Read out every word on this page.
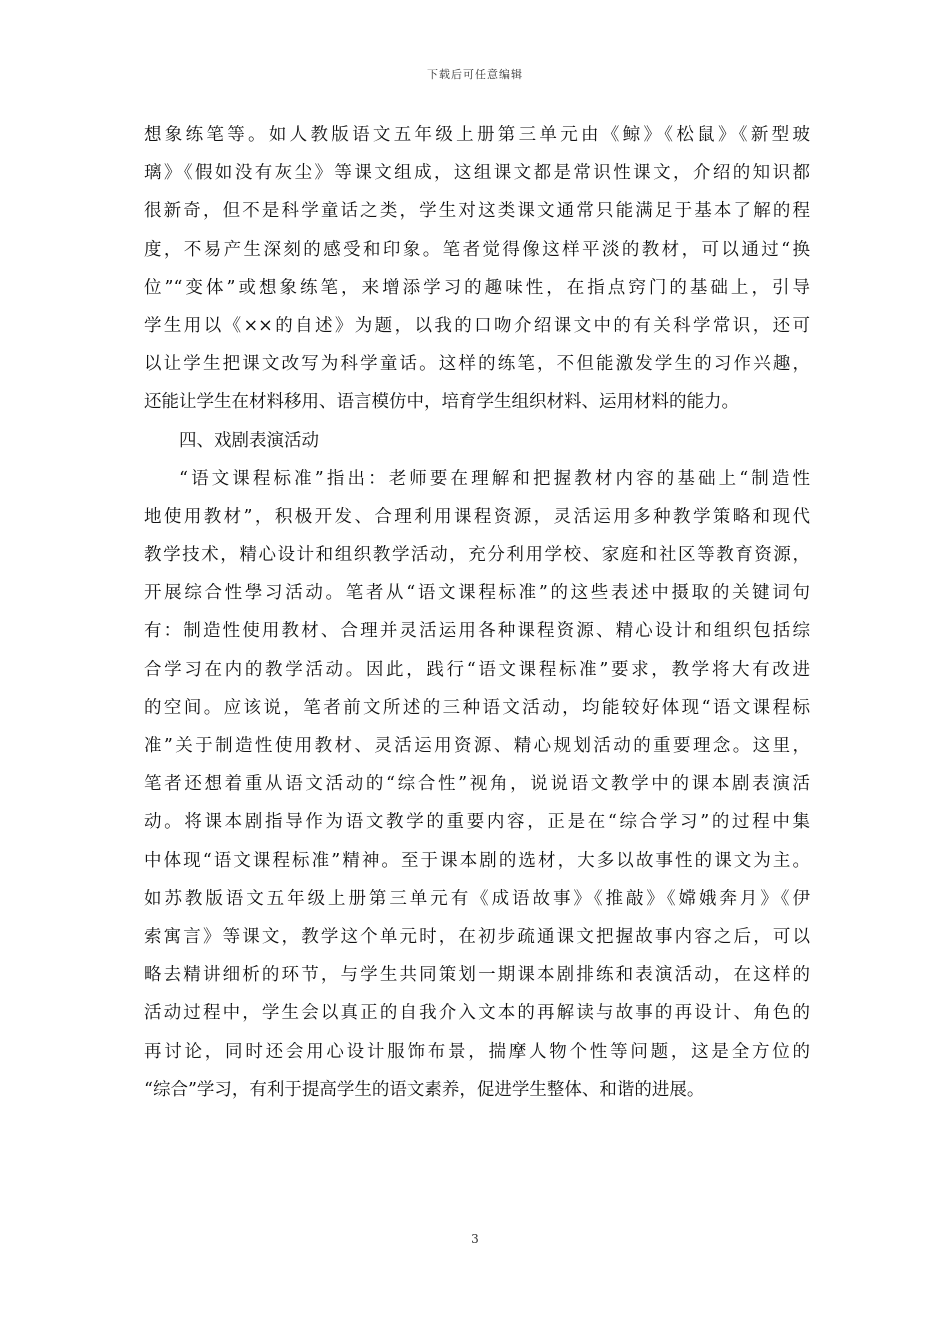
下载后可任意编辑
想象练笔等。如人教版语文五年级上册第三单元由《鲸》《松鼠》《新型玻
璃》《假如没有灰尘》等课文组成，这组课文都是常识性课文，介绍的知识都
很新奇，但不是科学童话之类，学生对这类课文通常只能满足于基本了解的程
度，不易产生深刻的感受和印象。笔者觉得像这样平淡的教材，可以通过“换
位”“变体”或想象练笔，来增添学习的趣味性，在指点窍门的基础上，引导
学生用以《××的自述》为题，以我的口吻介绍课文中的有关科学常识，还可
以让学生把课文改写为科学童话。这样的练笔，不但能激发学生的习作兴趣，
还能让学生在材料移用、语言模仿中，培育学生组织材料、运用材料的能力。
四、戏剧表演活动
“语文课程标准”指出：老师要在理解和把握教材内容的基础上“制造性
地使用教材”，积极开发、合理利用课程资源，灵活运用多种教学策略和现代
教学技术，精心设计和组织教学活动，充分利用学校、家庭和社区等教育资源，
开展综合性學习活动。笔者从“语文课程标准”的这些表述中摄取的关键词句
有：制造性使用教材、合理并灵活运用各种课程资源、精心设计和组织包括综
合学习在内的教学活动。因此，践行“语文课程标准”要求，教学将大有改进
的空间。应该说，笔者前文所述的三种语文活动，均能较好体现“语文课程标
准”关于制造性使用教材、灵活运用资源、精心规划活动的重要理念。这里，
笔者还想着重从语文活动的“综合性”视角，说说语文教学中的课本剧表演活
动。将课本剧指导作为语文教学的重要内容，正是在“综合学习”的过程中集
中体现“语文课程标准”精神。至于课本剧的选材，大多以故事性的课文为主。
如苏教版语文五年级上册第三单元有《成语故事》《推敲》《嫦娥奔月》《伊
索寓言》等课文，教学这个单元时，在初步疏通课文把握故事内容之后，可以
略去精讲细析的环节，与学生共同策划一期课本剧排练和表演活动，在这样的
活动过程中，学生会以真正的自我介入文本的再解读与故事的再设计、角色的
再讨论，同时还会用心设计服饰布景，揣摩人物个性等问题，这是全方位的
“综合”学习，有利于提高学生的语文素养，促进学生整体、和谐的进展。
3
